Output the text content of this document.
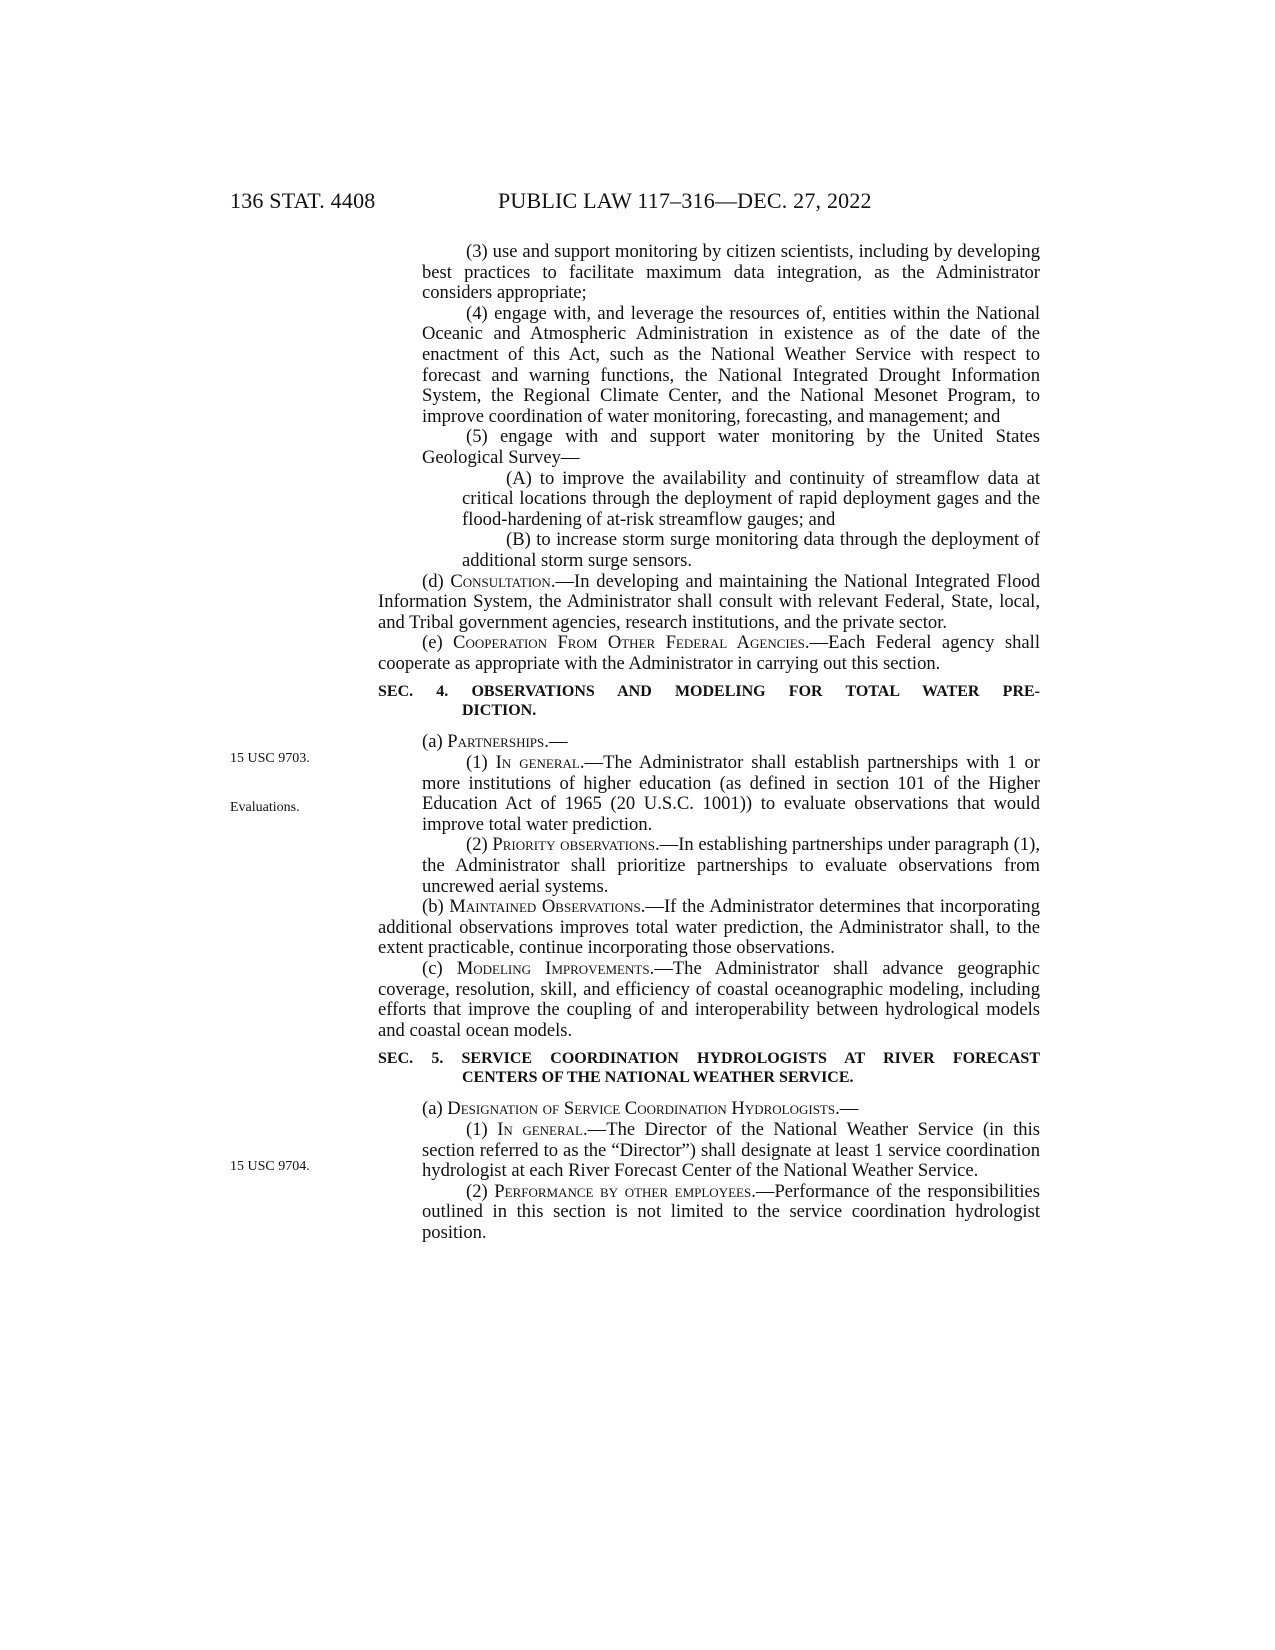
136 STAT. 4408	PUBLIC LAW 117–316—DEC. 27, 2022
15 USC 9703.
Evaluations.
15 USC 9704.

(3) use and support monitoring by citizen scientists, including by developing best practices to facilitate maximum data integration, as the Administrator considers appropriate;

(4) engage with, and leverage the resources of, entities within the National Oceanic and Atmospheric Administration in existence as of the date of the enactment of this Act, such as the National Weather Service with respect to forecast and warning functions, the National Integrated Drought Information System, the Regional Climate Center, and the National Mesonet Program, to improve coordination of water monitoring, forecasting, and management; and

(5) engage with and support water monitoring by the United States Geological Survey—

(A) to improve the availability and continuity of streamflow data at critical locations through the deployment of rapid deployment gages and the flood-hardening of at-risk streamflow gauges; and

(B) to increase storm surge monitoring data through the deployment of additional storm surge sensors.

(d) Consultation.—In developing and maintaining the National Integrated Flood Information System, the Administrator shall consult with relevant Federal, State, local, and Tribal government agencies, research institutions, and the private sector.

(e) Cooperation From Other Federal Agencies.—Each Federal agency shall cooperate as appropriate with the Administrator in carrying out this section.

SEC. 4. OBSERVATIONS AND MODELING FOR TOTAL WATER PRE-
DICTION.

(a) Partnerships.—

(1) In general.—The Administrator shall establish partnerships with 1 or more institutions of higher education (as defined in section 101 of the Higher Education Act of 1965 (20 U.S.C. 1001)) to evaluate observations that would improve total water prediction.

(2) Priority observations.—In establishing partnerships under paragraph (1), the Administrator shall prioritize partnerships to evaluate observations from uncrewed aerial systems.

(b) Maintained Observations.—If the Administrator determines that incorporating additional observations improves total water prediction, the Administrator shall, to the extent practicable, continue incorporating those observations.

(c) Modeling Improvements.—The Administrator shall advance geographic coverage, resolution, skill, and efficiency of coastal oceanographic modeling, including efforts that improve the coupling of and interoperability between hydrological models and coastal ocean models.

SEC. 5. SERVICE COORDINATION HYDROLOGISTS AT RIVER FORECAST
CENTERS OF THE NATIONAL WEATHER SERVICE.

(a) Designation of Service Coordination Hydrologists.—

(1) In general.—The Director of the National Weather Service (in this section referred to as the “Director”) shall designate at least 1 service coordination hydrologist at each River Forecast Center of the National Weather Service.

(2) Performance by other employees.—Performance of the responsibilities outlined in this section is not limited to the service coordination hydrologist position.
